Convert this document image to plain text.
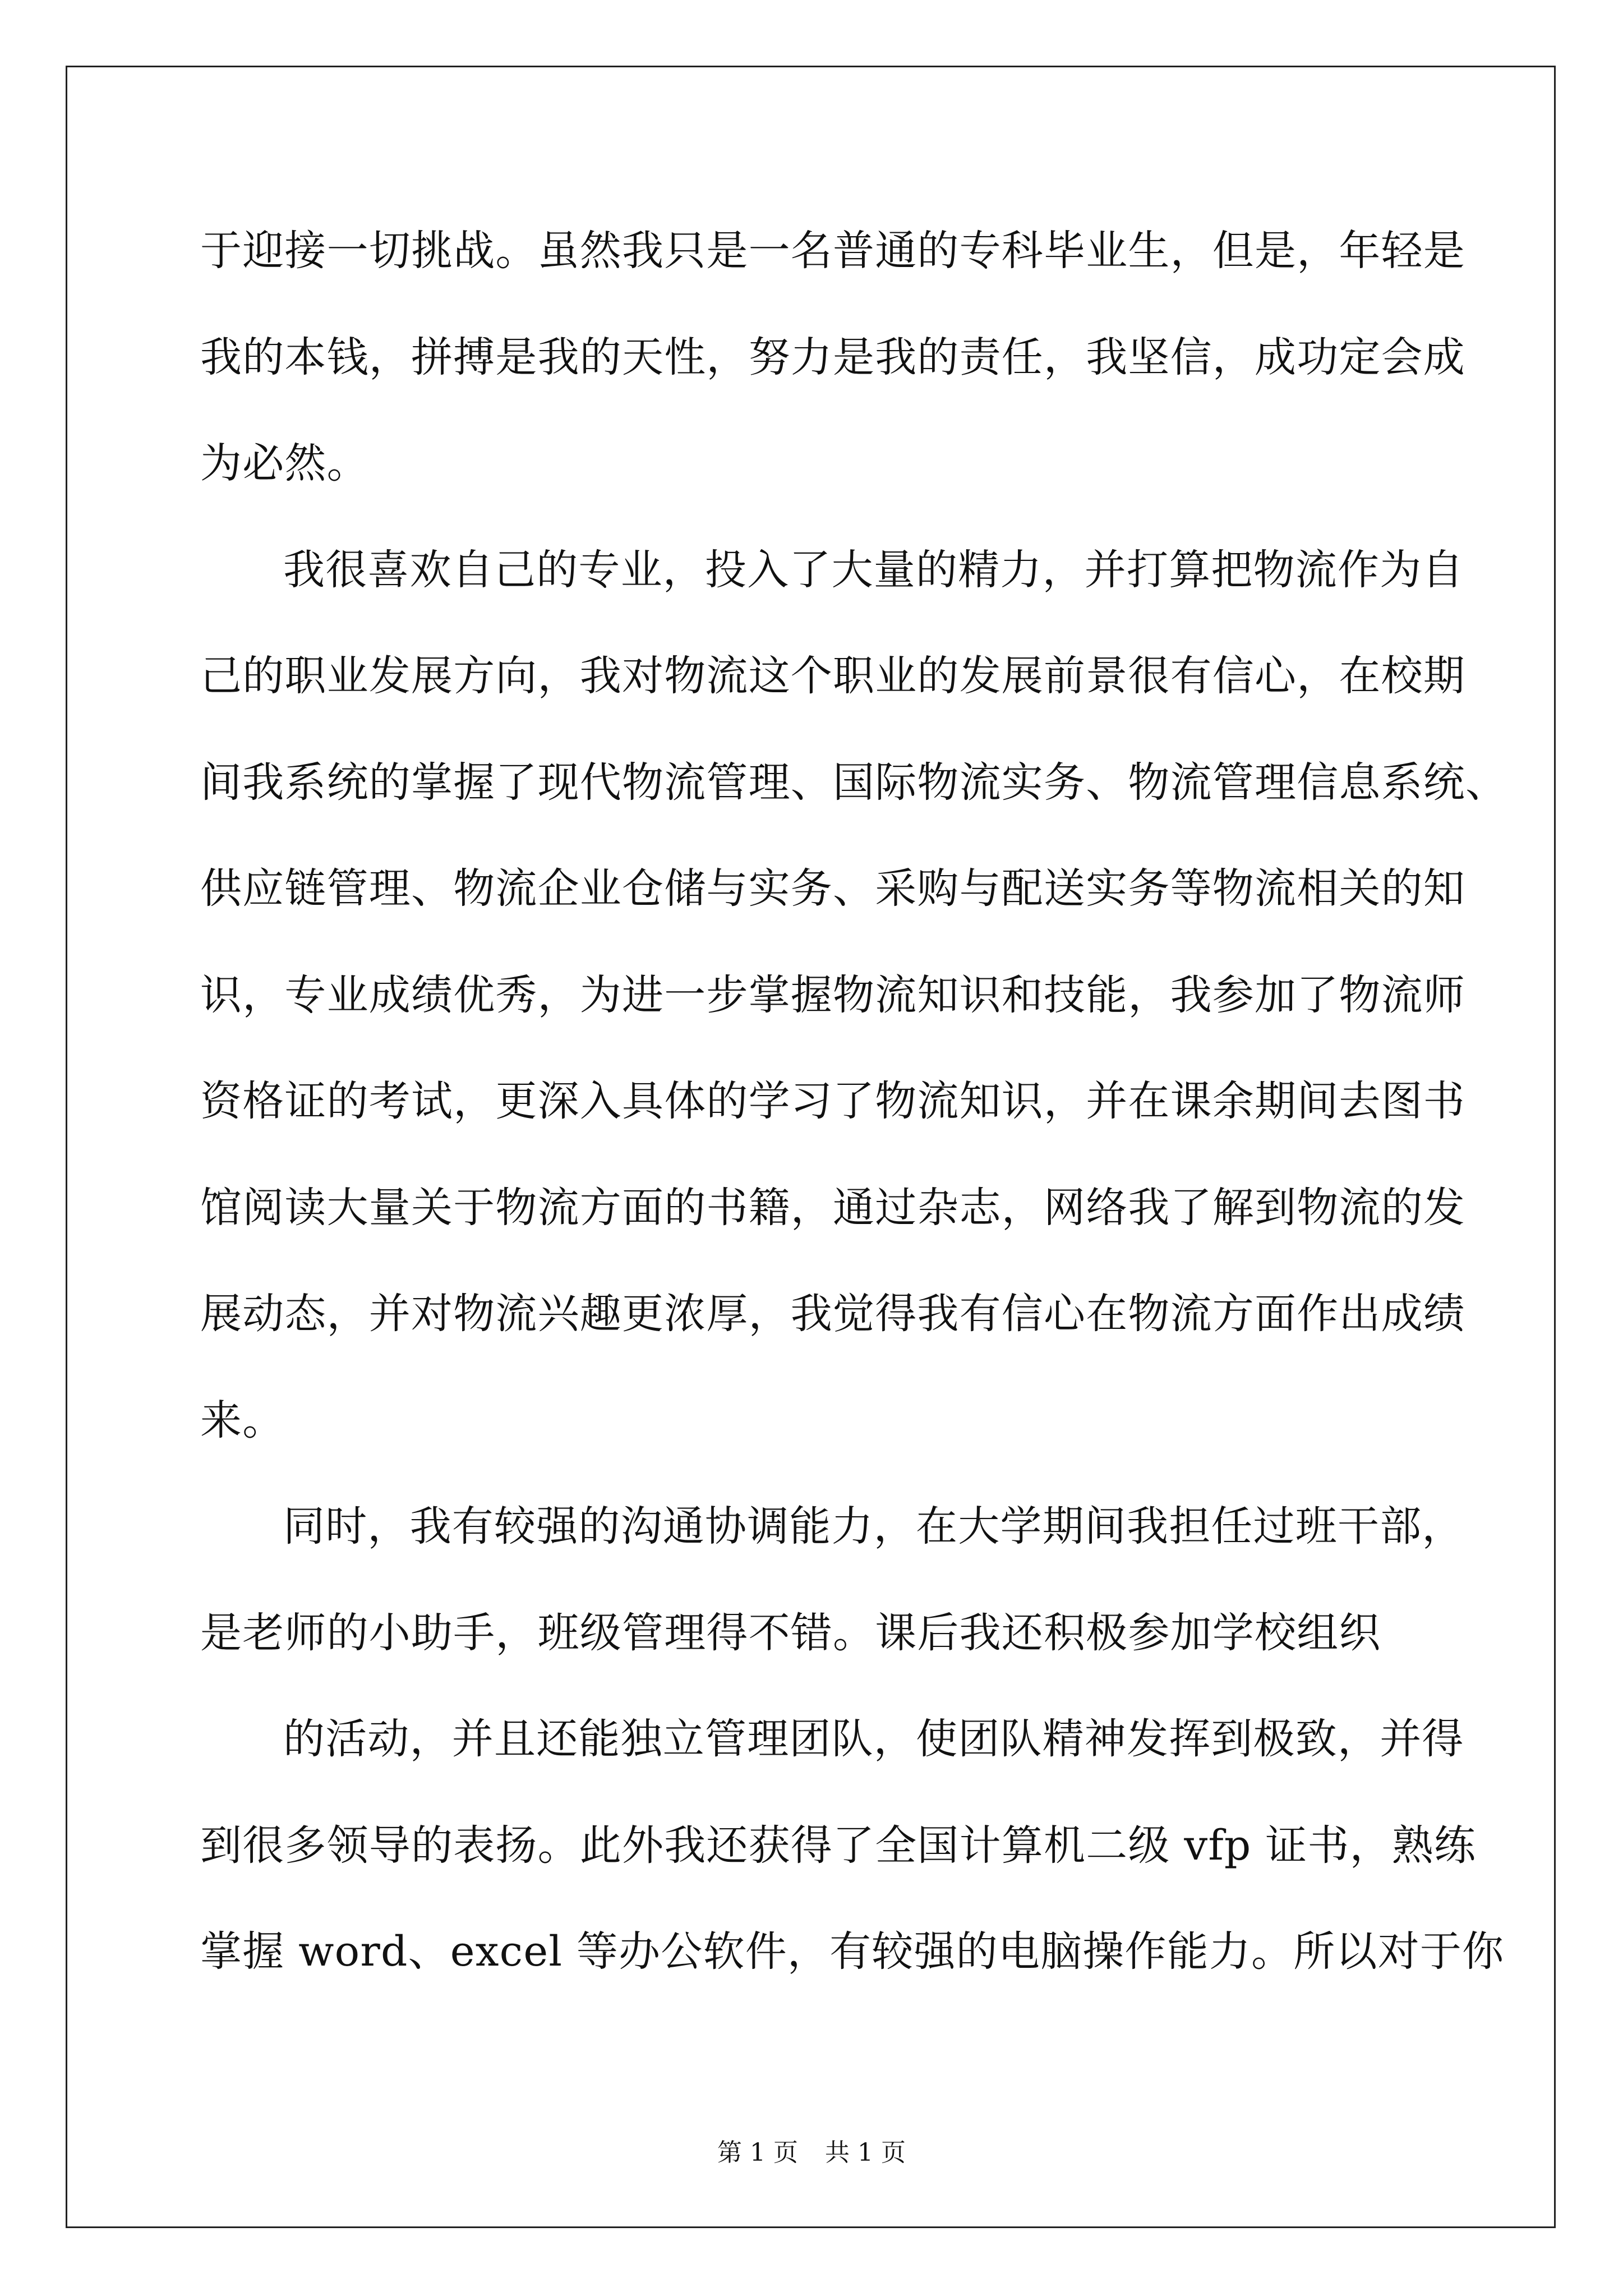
于迎接一切挑战。虽然我只是一名普通的专科毕业生，但是，年轻是

我的本钱，拼搏是我的天性，努力是我的责任，我坚信，成功定会成

为必然。

我很喜欢自己的专业，投入了大量的精力，并打算把物流作为自

己的职业发展方向，我对物流这个职业的发展前景很有信心，在校期

间我系统的掌握了现代物流管理、国际物流实务、物流管理信息系统、

供应链管理、物流企业仓储与实务、采购与配送实务等物流相关的知

识，专业成绩优秀，为进一步掌握物流知识和技能，我参加了物流师

资格证的考试，更深入具体的学习了物流知识，并在课余期间去图书

馆阅读大量关于物流方面的书籍，通过杂志，网络我了解到物流的发

展动态，并对物流兴趣更浓厚，我觉得我有信心在物流方面作出成绩

来。

同时，我有较强的沟通协调能力，在大学期间我担任过班干部，

是老师的小助手，班级管理得不错。课后我还积极参加学校组织

的活动，并且还能独立管理团队，使团队精神发挥到极致，并得

到很多领导的表扬。此外我还获得了全国计算机二级 vfp 证书，熟练

掌握 word、excel 等办公软件，有较强的电脑操作能力。所以对于你

第 1 页 共 1 页
